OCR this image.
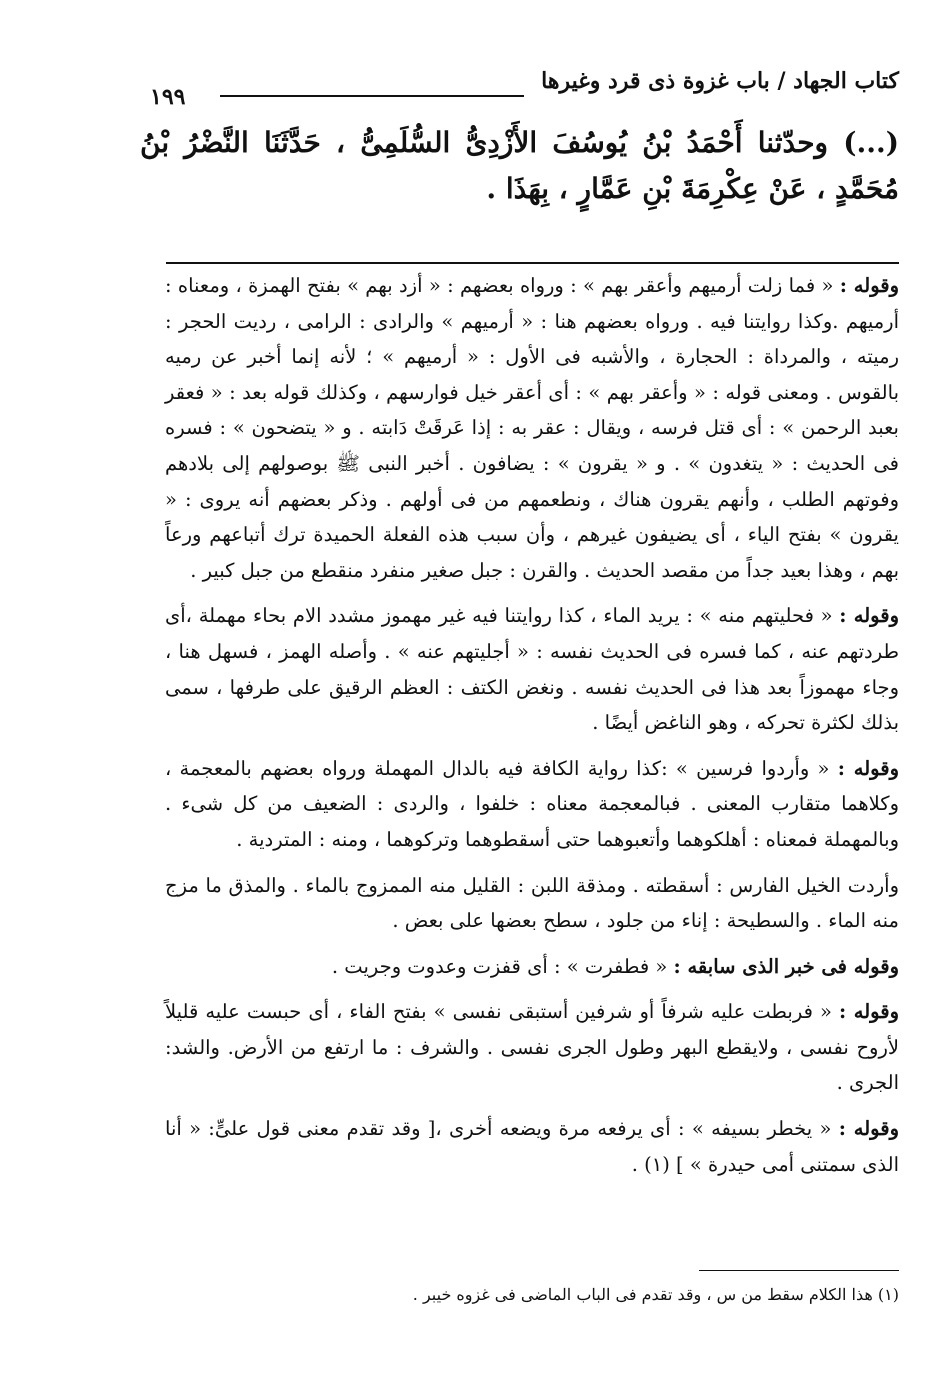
كتاب الجهاد / باب غزوة ذى قرد وغيرها
١٩٩
(...) وحدّثنا أَحْمَدُ بْنُ يُوسُفَ الأَزْدِىُّ السُّلَمِىُّ ، حَدَّثَنَا النَّضْرُ بْنُ مُحَمَّدٍ ، عَنْ عِكْرِمَةَ بْنِ عَمَّارٍ ، بِهَذَا .

وقوله : « فما زلت أرميهم وأعقر بهم » : ورواه بعضهم : « أزد بهم » بفتح الهمزة ، ومعناه : أرميهم .وكذا روايتنا فيه . ورواه بعضهم هنا : « أرميهم » والرادى : الرامى ، رديت الحجر : رميته ، والمرداة : الحجارة ، والأشبه فى الأول : « أرميهم » ؛ لأنه إنما أخبر عن رميه بالقوس . ومعنى قوله : « وأعقر بهم » : أى أعقر خيل فوارسهم ، وكذلك قوله بعد : « فعقر بعبد الرحمن » : أى قتل فرسه ، ويقال : عقر به : إذا عَرقَتْ دَابته . و « يتضحون » : فسره فى الحديث : « يتغدون » . و « يقرون » : يضافون . أخبر النبى ﷺ بوصولهم إلى بلادهم وفوتهم الطلب ، وأنهم يقرون هناك ، ونطعمهم من فى أولهم . وذكر بعضهم أنه يروى : « يقرون » بفتح الياء ، أى يضيفون غيرهم ، وأن سبب هذه الفعلة الحميدة ترك أتباعهم ورعاً بهم ، وهذا بعيد جداً من مقصد الحديث . والقرن : جبل صغير منفرد منقطع من جبل كبير .

وقوله : « فحليتهم منه » : يريد الماء ، كذا روايتنا فيه غير مهموز مشدد الام بحاء مهملة ،أى طردتهم عنه ، كما فسره فى الحديث نفسه : « أجليتهم عنه » . وأصله الهمز ، فسهل هنا ، وجاء مهموزاً بعد هذا فى الحديث نفسه . ونغض الكتف : العظم الرقيق على طرفها ، سمى بذلك لكثرة تحركه ، وهو الناغض أيضًا .

وقوله : « وأردوا فرسين » :كذا رواية الكافة فيه بالدال المهملة ورواه بعضهم بالمعجمة ، وكلاهما متقارب المعنى . فبالمعجمة معناه : خلفوا ، والردى : الضعيف من كل شىء . وبالمهملة فمعناه : أهلكوهما وأتعبوهما حتى أسقطوهما وتركوهما ، ومنه : المتردية .

وأردت الخيل الفارس : أسقطته . ومذقة اللبن : القليل منه الممزوج بالماء . والمذق ما مزج منه الماء . والسطيحة : إناء من جلود ، سطح بعضها على بعض .

وقوله فى خبر الذى سابقه : « فطفرت » : أى قفزت وعدوت وجريت .

وقوله : « فربطت عليه شرفاً أو شرفين أستبقى نفسى » بفتح الفاء ، أى حبست عليه قليلاً لأروح نفسى ، ولايقطع البهر وطول الجرى نفسى . والشرف : ما ارتفع من الأرض. والشد: الجرى .

وقوله : « يخطر بسيفه » : أى يرفعه مرة ويضعه أخرى ،[ وقد تقدم معنى قول علىٍّ: « أنا الذى سمتنى أمى حيدرة » ] (١) .

(١) هذا الكلام سقط من س ، وقد تقدم فى الباب الماضى فى غزوه خيبر .
